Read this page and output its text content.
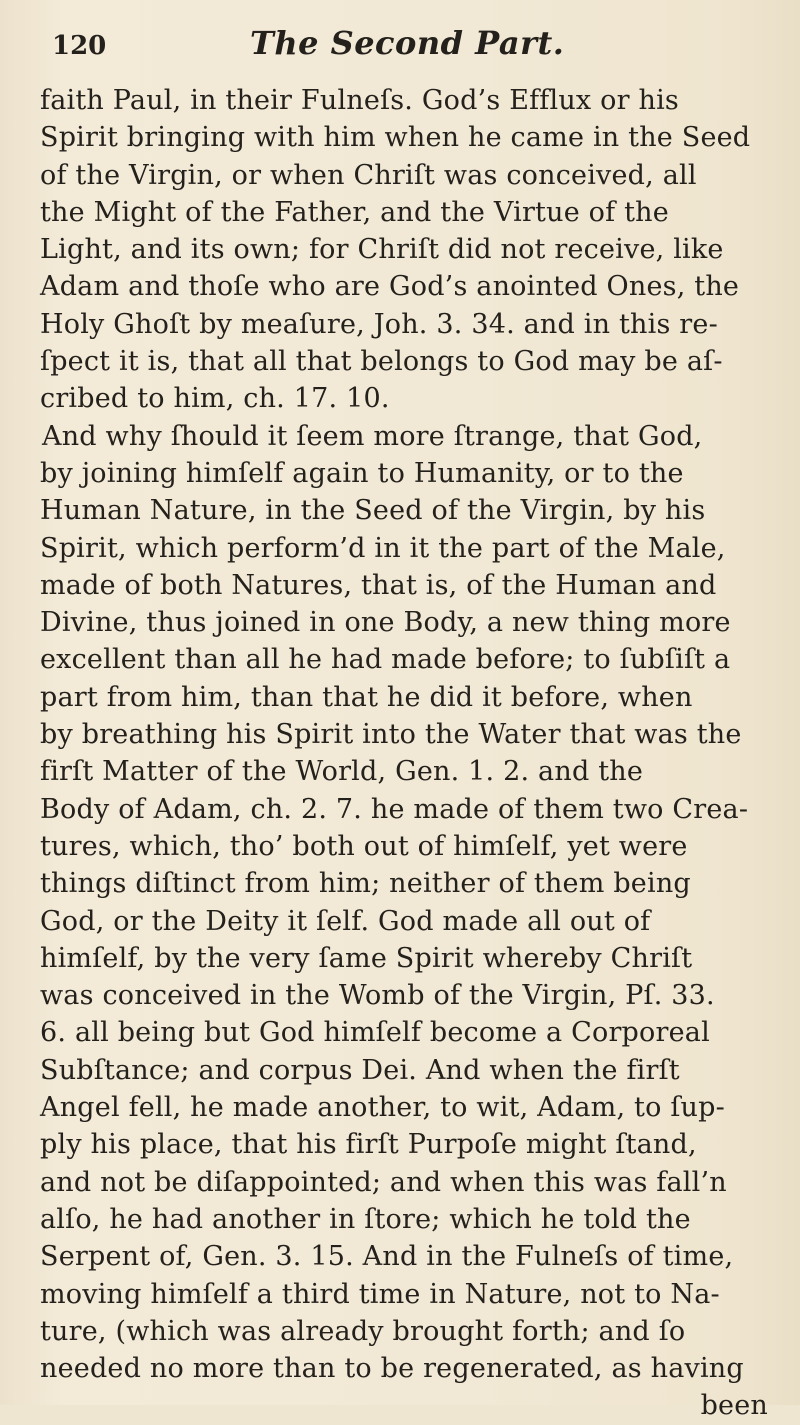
120	The Second Part.
faith Paul, in their Fulneſs. God’s Efflux or his
Spirit bringing with him when he came in the Seed
of the Virgin, or when Chriſt was conceived, all
the Might of the Father, and the Virtue of the
Light, and its own; for Chriſt did not receive, like
Adam and thoſe who are God’s anointed Ones, the
Holy Ghoſt by meaſure, Joh. 3. 34. and in this re-
ſpect it is, that all that belongs to God may be aſ-
cribed to him, ch. 17. 10.
And why ſhould it ſeem more ſtrange, that God,
by joining himſelf again to Humanity, or to the
Human Nature, in the Seed of the Virgin, by his
Spirit, which perform’d in it the part of the Male,
made of both Natures, that is, of the Human and
Divine, thus joined in one Body, a new thing more
excellent than all he had made before; to ſubſiſt a
part from him, than that he did it before, when
by breathing his Spirit into the Water that was the
firſt Matter of the World, Gen. 1. 2. and the
Body of Adam, ch. 2. 7. he made of them two Crea-
tures, which, tho’ both out of himſelf, yet were
things diſtinct from him; neither of them being
God, or the Deity it ſelf. God made all out of
himſelf, by the very ſame Spirit whereby Chriſt
was conceived in the Womb of the Virgin, Pſ. 33.
6. all being but God himſelf become a Corporeal
Subſtance; and corpus Dei. And when the firſt
Angel fell, he made another, to wit, Adam, to ſup-
ply his place, that his firſt Purpoſe might ſtand,
and not be diſappointed; and when this was fall’n
alſo, he had another in ſtore; which he told the
Serpent of, Gen. 3. 15. And in the Fulneſs of time,
moving himſelf a third time in Nature, not to Na-
ture, (which was already brought forth; and ſo
needed no more than to be regenerated, as having
been
